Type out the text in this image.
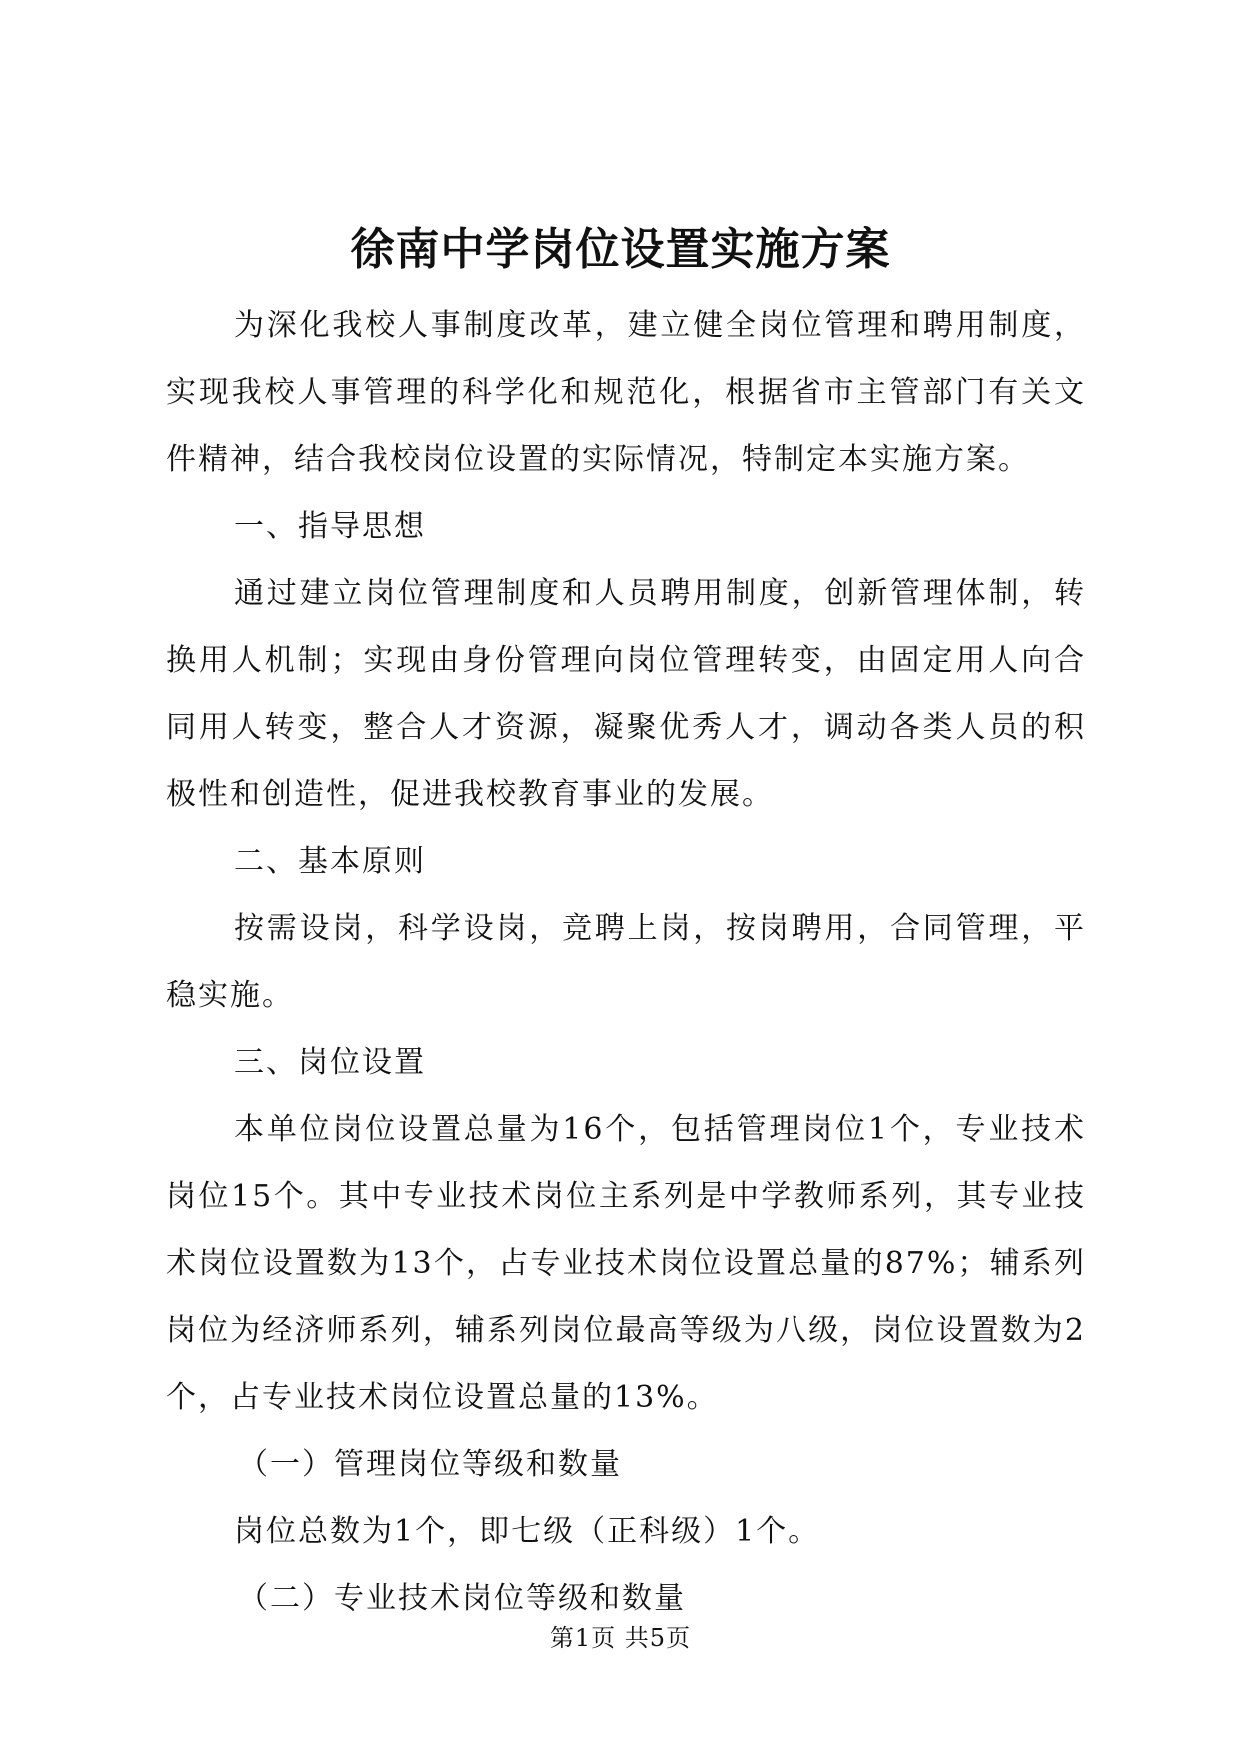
徐南中学岗位设置实施方案

为深化我校人事制度改革，建立健全岗位管理和聘用制度，实现我校人事管理的科学化和规范化，根据省市主管部门有关文件精神，结合我校岗位设置的实际情况，特制定本实施方案。

一、指导思想

通过建立岗位管理制度和人员聘用制度，创新管理体制，转换用人机制；实现由身份管理向岗位管理转变，由固定用人向合同用人转变，整合人才资源，凝聚优秀人才，调动各类人员的积极性和创造性，促进我校教育事业的发展。

二、基本原则

按需设岗，科学设岗，竞聘上岗，按岗聘用，合同管理，平稳实施。

三、岗位设置

本单位岗位设置总量为16个，包括管理岗位1个，专业技术岗位15个。其中专业技术岗位主系列是中学教师系列，其专业技术岗位设置数为13个，占专业技术岗位设置总量的87%；辅系列岗位为经济师系列，辅系列岗位最高等级为八级，岗位设置数为2个，占专业技术岗位设置总量的13%。

（一）管理岗位等级和数量

岗位总数为1个，即七级（正科级）1个。

（二）专业技术岗位等级和数量

第1页 共5页
